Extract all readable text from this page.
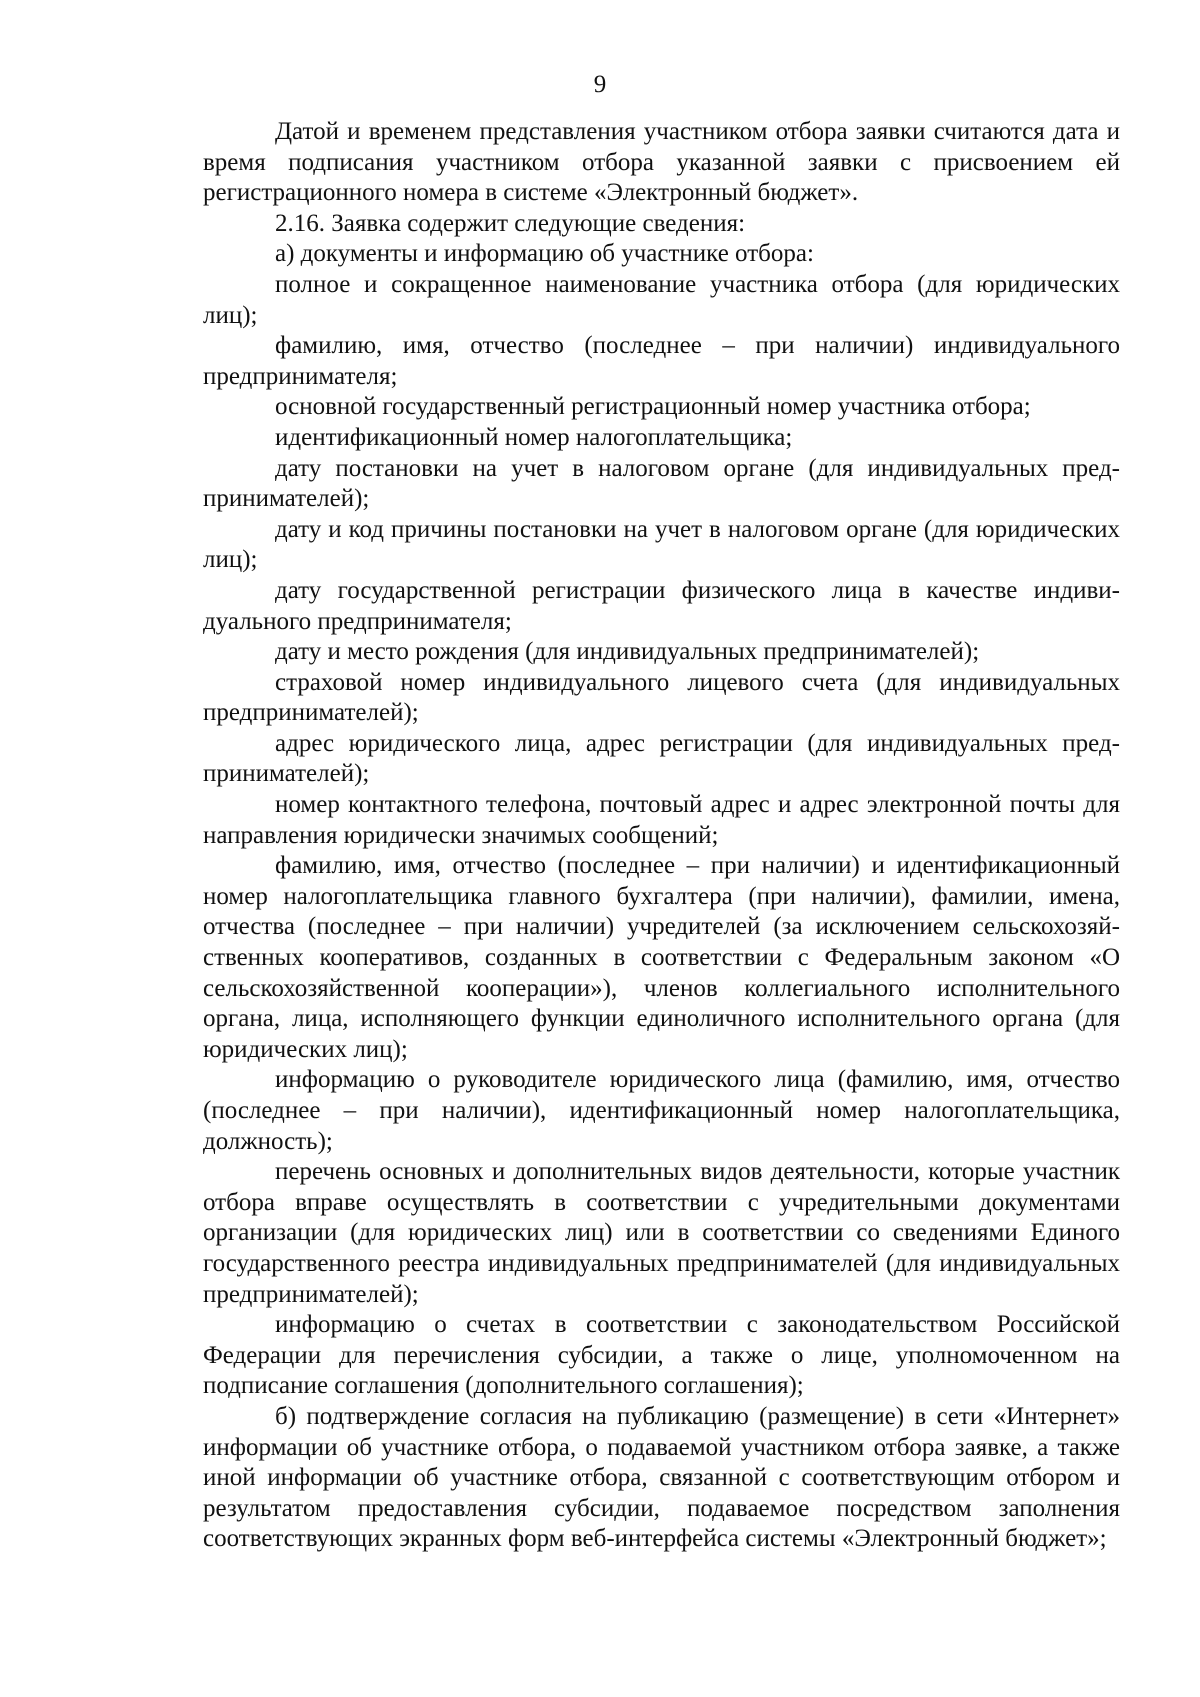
9

Датой и временем представления участником отбора заявки считаются дата и время подписания участником отбора указанной заявки с присвоением ей регистрационного номера в системе «Электронный бюджет».

2.16. Заявка содержит следующие сведения:

а) документы и информацию об участнике отбора:

полное и сокращенное наименование участника отбора (для юридических лиц);

фамилию, имя, отчество (последнее – при наличии) индивидуального предпринимателя;

основной государственный регистрационный номер участника отбора;

идентификационный номер налогоплательщика;

дату постановки на учет в налоговом органе (для индивидуальных предпринимателей);

дату и код причины постановки на учет в налоговом органе (для юридических лиц);

дату государственной регистрации физического лица в качестве индивидуального предпринимателя;

дату и место рождения (для индивидуальных предпринимателей);

страховой номер индивидуального лицевого счета (для индивидуальных предпринимателей);

адрес юридического лица, адрес регистрации (для индивидуальных предпринимателей);

номер контактного телефона, почтовый адрес и адрес электронной почты для направления юридически значимых сообщений;

фамилию, имя, отчество (последнее – при наличии) и идентификационный номер налогоплательщика главного бухгалтера (при наличии), фамилии, имена, отчества (последнее – при наличии) учредителей (за исключением сельскохозяйственных кооперативов, созданных в соответствии с Федеральным законом «О сельскохозяйственной кооперации»), членов коллегиального исполнительного органа, лица, исполняющего функции единоличного исполнительного органа (для юридических лиц);

информацию о руководителе юридического лица (фамилию, имя, отчество (последнее – при наличии), идентификационный номер налогоплательщика, должность);

перечень основных и дополнительных видов деятельности, которые участник отбора вправе осуществлять в соответствии с учредительными документами организации (для юридических лиц) или в соответствии со сведениями Единого государственного реестра индивидуальных предпринимателей (для индивидуальных предпринимателей);

информацию о счетах в соответствии с законодательством Российской Федерации для перечисления субсидии, а также о лице, уполномоченном на подписание соглашения (дополнительного соглашения);

б) подтверждение согласия на публикацию (размещение) в сети «Интернет» информации об участнике отбора, о подаваемой участником отбора заявке, а также иной информации об участнике отбора, связанной с соответствующим отбором и результатом предоставления субсидии, подаваемое посредством заполнения соответствующих экранных форм веб-интерфейса системы «Электронный бюджет»;
